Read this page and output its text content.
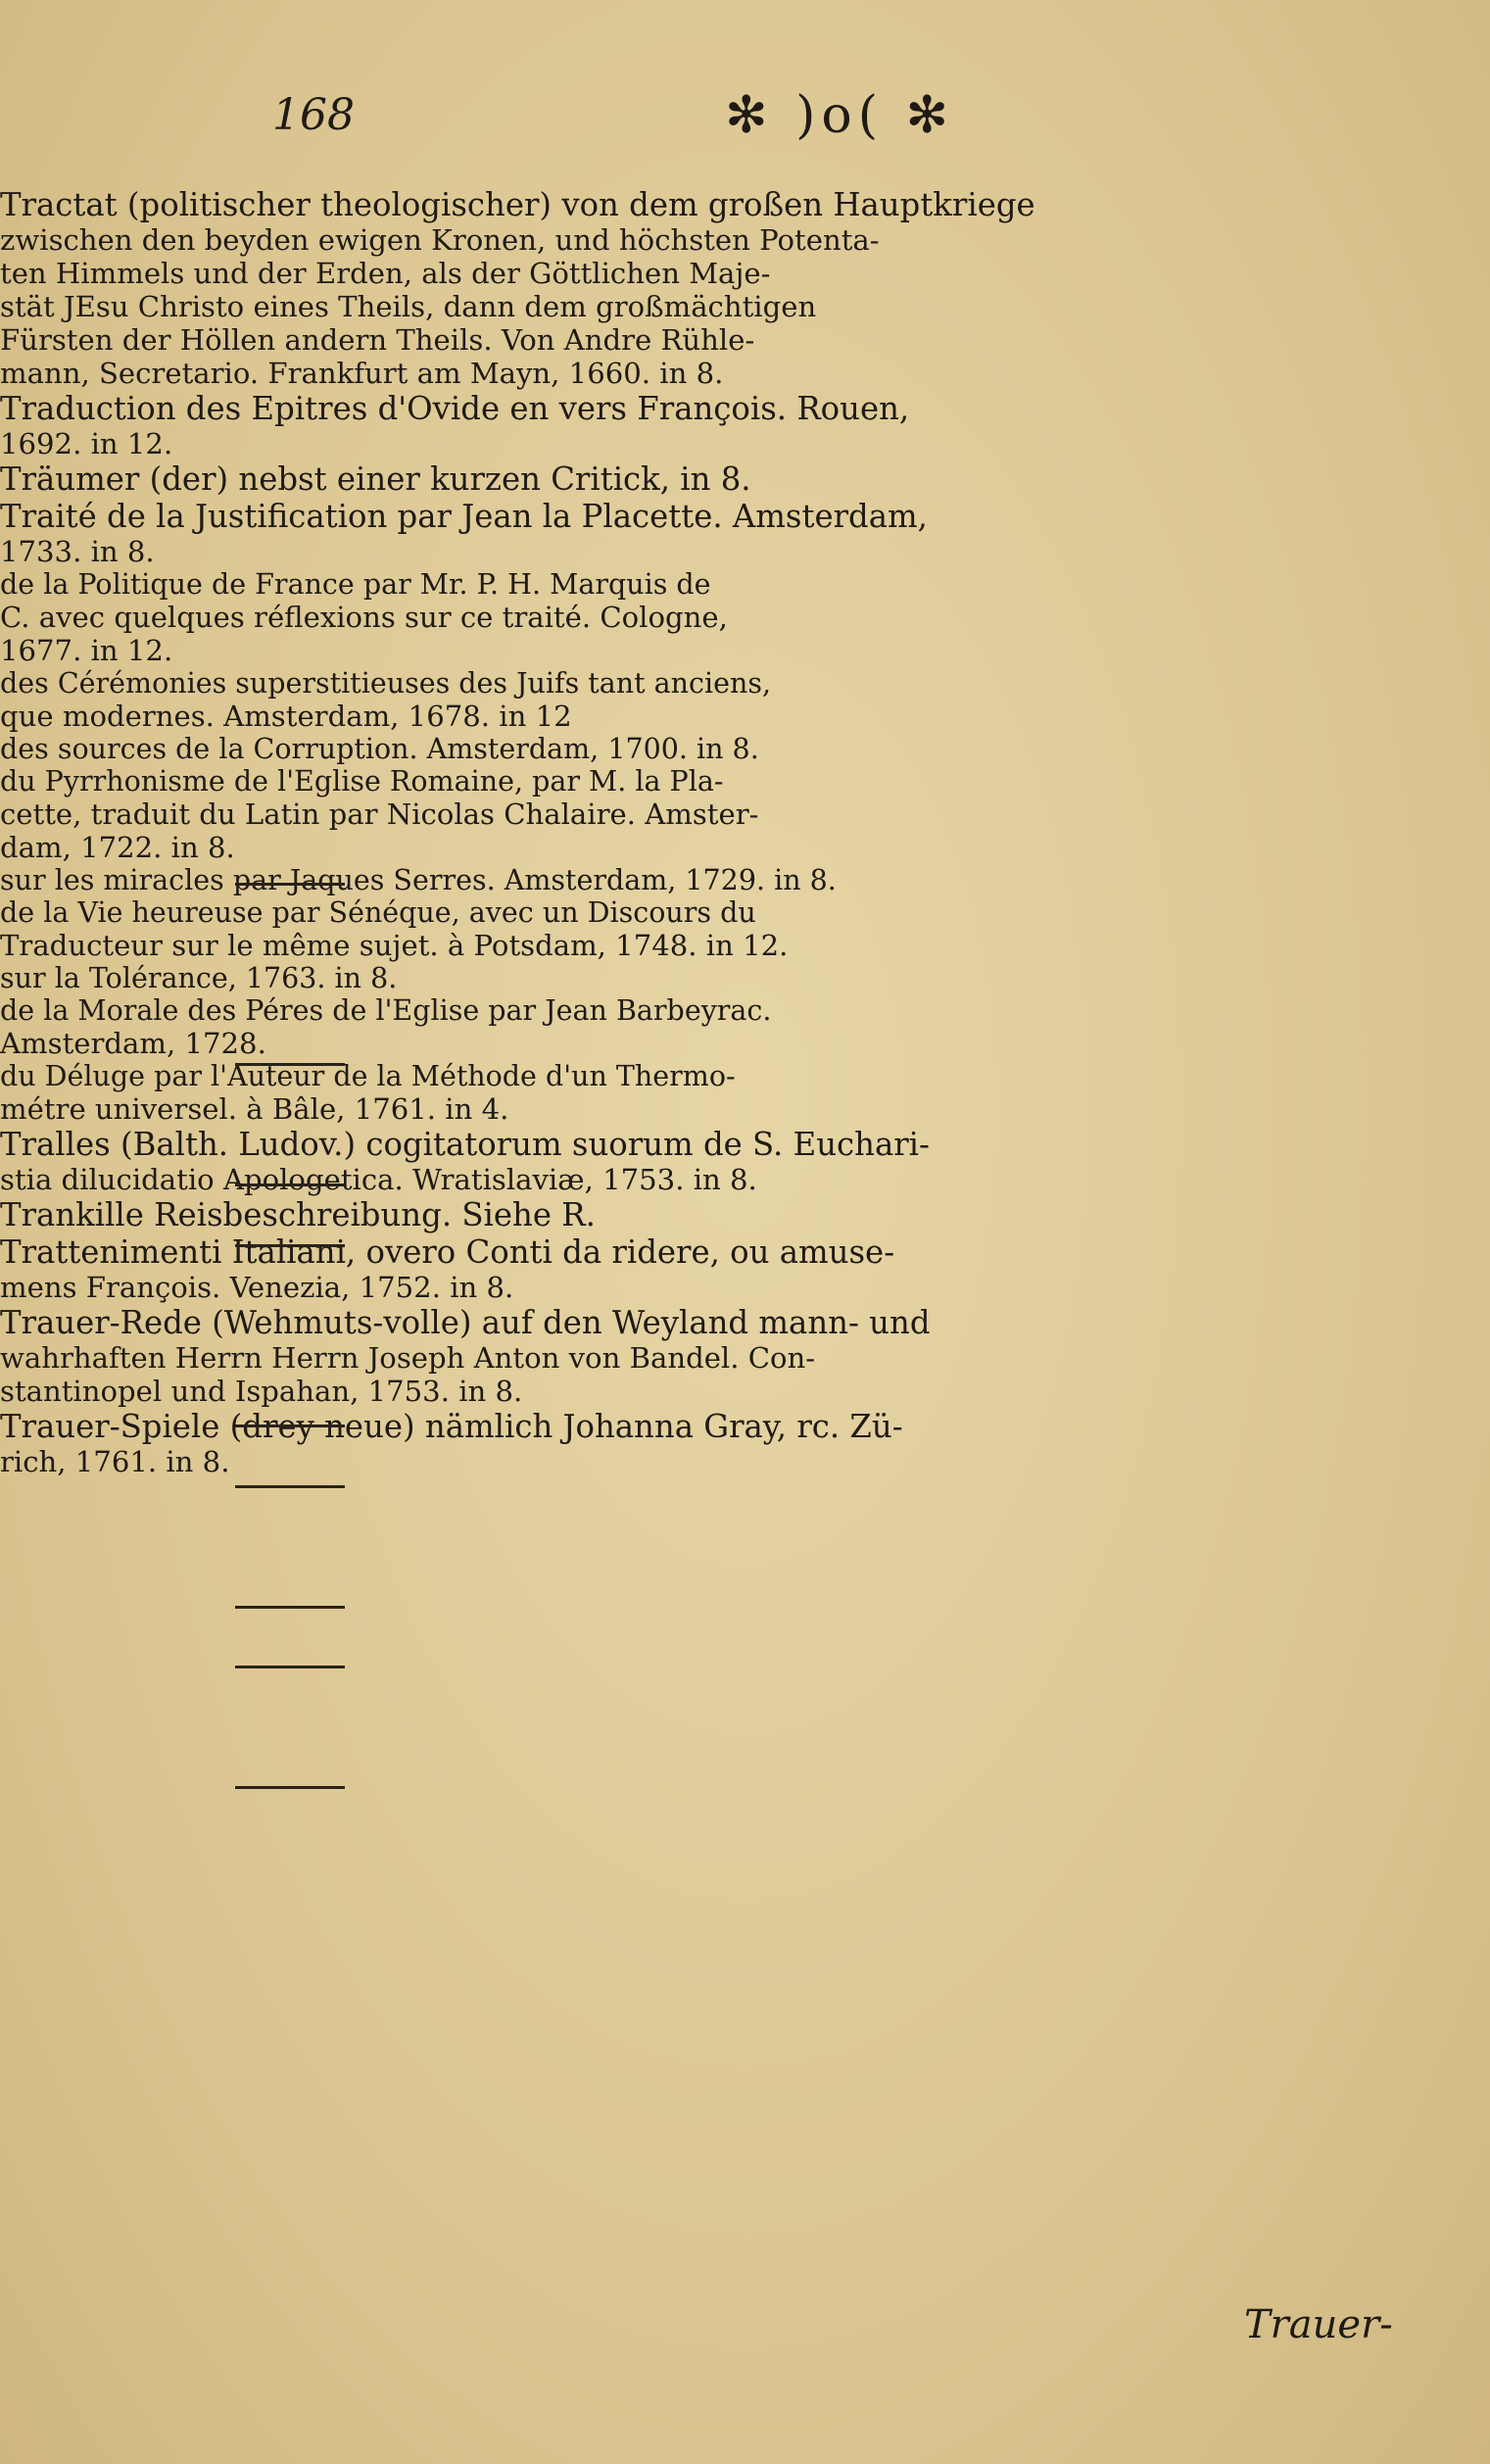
168	✻ )o( ✻
Tractat (politischer theologischer) von dem großen Hauptkriege
zwischen den beyden ewigen Kronen, und höchsten Potenta-
ten Himmels und der Erden, als der Göttlichen Maje-
stät JEsu Christo eines Theils, dann dem großmächtigen
Fürsten der Höllen andern Theils. Von Andre Rühle-
mann, Secretario. Frankfurt am Mayn, 1660. in 8.
Traduction des Epitres d'Ovide en vers François. Rouen,
1692. in 12.
Träumer (der) nebst einer kurzen Critick, in 8.
Traité de la Justification par Jean la Placette. Amsterdam,
1733. in 8.
de la Politique de France par Mr. P. H. Marquis de
C. avec quelques réflexions sur ce traité. Cologne,
1677. in 12.
des Cérémonies superstitieuses des Juifs tant anciens,
que modernes. Amsterdam, 1678. in 12
des sources de la Corruption. Amsterdam, 1700. in 8.
du Pyrrhonisme de l'Eglise Romaine, par M. la Pla-
cette, traduit du Latin par Nicolas Chalaire. Amster-
dam, 1722. in 8.
sur les miracles par Jaques Serres. Amsterdam, 1729. in 8.
de la Vie heureuse par Sénéque, avec un Discours du
Traducteur sur le même sujet. à Potsdam, 1748. in 12.
sur la Tolérance, 1763. in 8.
de la Morale des Péres de l'Eglise par Jean Barbeyrac.
Amsterdam, 1728.
du Déluge par l'Auteur de la Méthode d'un Thermo-
métre universel. à Bâle, 1761. in 4.
Tralles (Balth. Ludov.) cogitatorum suorum de S. Euchari-
stia dilucidatio Apologetica. Wratislaviæ, 1753. in 8.
Trankille Reisbeschreibung. Siehe R.
Trattenimenti Italiani, overo Conti da ridere, ou amuse-
mens François. Venezia, 1752. in 8.
Trauer-Rede (Wehmuts-volle) auf den Weyland mann- und
wahrhaften Herrn Herrn Joseph Anton von Bandel. Con-
stantinopel und Ispahan, 1753. in 8.
Trauer-Spiele (drey neue) nämlich Johanna Gray, rc. Zü-
rich, 1761. in 8.
Trauer-
